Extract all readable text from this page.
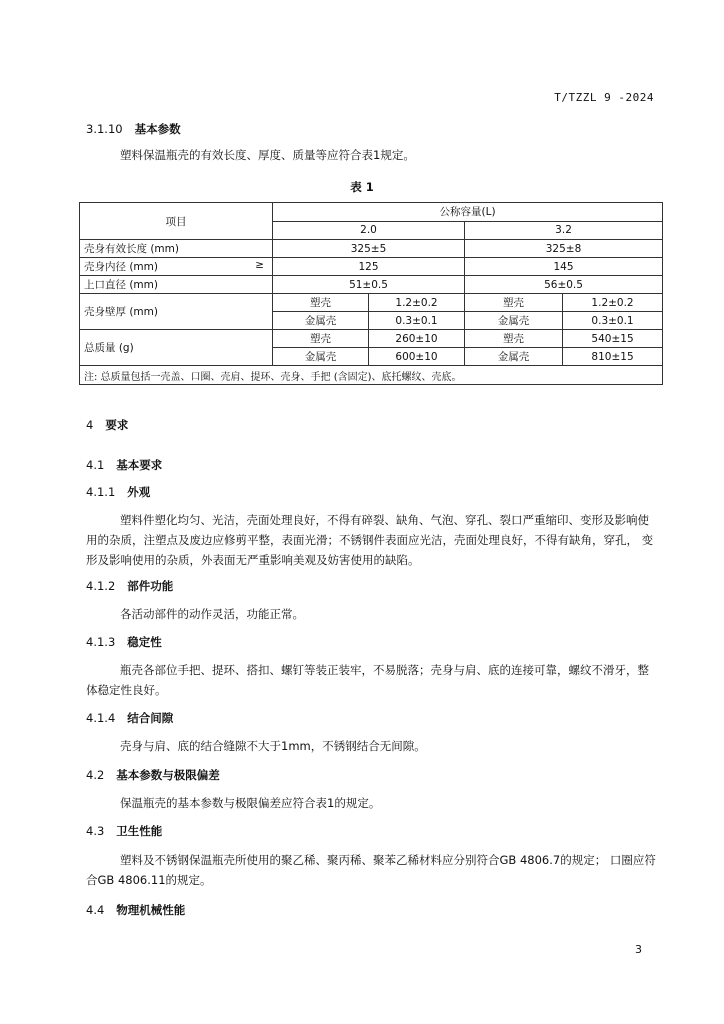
T/TZZL 9 -2024
3.1.10 基本参数
塑料保温瓶壳的有效长度、厚度、质量等应符合表1规定。
表 1
项目	公称容量(L)			
	2.0		3.2	
壳身有效长度 (mm)	325±5		325±8	
壳身内径 (mm) ≥	125		145	
上口直径 (mm)	51±0.5		56±0.5	
壳身壁厚 (mm)	塑壳	1.2±0.2	塑壳	1.2±0.2
	金属壳	0.3±0.1	金属壳	0.3±0.1
总质量 (g)	塑壳	260±10	塑壳	540±15
	金属壳	600±10	金属壳	810±15
注: 总质量包括一壳盖、口圈、壳肩、提环、壳身、手把 (含固定)、底托螺纹、壳底。				
4 要求
4.1 基本要求
4.1.1 外观
塑料件塑化均匀、光洁，壳面处理良好，不得有碎裂、缺角、气泡、穿孔、裂口严重缩印、变形及影响使用的杂质，注塑点及废边应修剪平整，表面光滑；不锈钢件表面应光洁，壳面处理良好，不得有缺角，穿孔， 变形及影响使用的杂质，外表面无严重影响美观及妨害使用的缺陷。
4.1.2 部件功能
各活动部件的动作灵活，功能正常。
4.1.3 稳定性
瓶壳各部位手把、提环、搭扣、螺钉等装正装牢，不易脱落；壳身与肩、底的连接可靠，螺纹不滑牙，整体稳定性良好。
4.1.4 结合间隙
壳身与肩、底的结合缝隙不大于1mm，不锈钢结合无间隙。
4.2 基本参数与极限偏差
保温瓶壳的基本参数与极限偏差应符合表1的规定。
4.3 卫生性能
塑料及不锈钢保温瓶壳所使用的聚乙稀、聚丙稀、聚苯乙稀材料应分别符合GB 4806.7的规定； 口圈应符合GB 4806.11的规定。
4.4 物理机械性能
3
